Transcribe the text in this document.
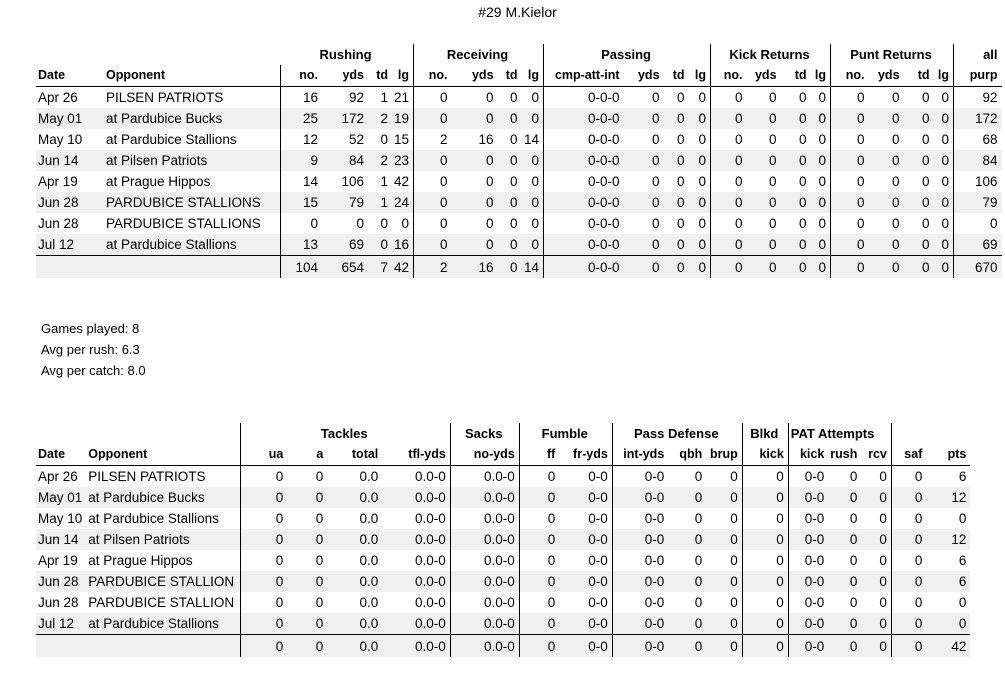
#29 M.Kielor
		Rushing				Receiving				Passing				Kick Returns				Punt Returns				all
Date	Opponent	no.	yds	td	lg	no.	yds	td	lg	cmp-att-int	yds	td	lg	no.	yds	td	lg	no.	yds	td	lg	purp
Apr 26	PILSEN PATRIOTS	16	92	1	21	0	0	0	0	0-0-0	0	0	0	0	0	0	0	0	0	0	0	92
May 01	at Pardubice Bucks	25	172	2	19	0	0	0	0	0-0-0	0	0	0	0	0	0	0	0	0	0	0	172
May 10	at Pardubice Stallions	12	52	0	15	2	16	0	14	0-0-0	0	0	0	0	0	0	0	0	0	0	0	68
Jun 14	at Pilsen Patriots	9	84	2	23	0	0	0	0	0-0-0	0	0	0	0	0	0	0	0	0	0	0	84
Apr 19	at Prague Hippos	14	106	1	42	0	0	0	0	0-0-0	0	0	0	0	0	0	0	0	0	0	0	106
Jun 28	PARDUBICE STALLIONS	15	79	1	24	0	0	0	0	0-0-0	0	0	0	0	0	0	0	0	0	0	0	79
Jun 28	PARDUBICE STALLIONS	0	0	0	0	0	0	0	0	0-0-0	0	0	0	0	0	0	0	0	0	0	0	0
Jul 12	at Pardubice Stallions	13	69	0	16	0	0	0	0	0-0-0	0	0	0	0	0	0	0	0	0	0	0	69
		104	654	7	42	2	16	0	14	0-0-0	0	0	0	0	0	0	0	0	0	0	0	670
Games played: 8
Avg per rush: 6.3
Avg per catch: 8.0
		Tackles				Sacks	Fumble		Pass Defense			Blkd	PAT Attempts				
Date	Opponent	ua	a	total	tfl-yds	no-yds	ff	fr-yds	int-yds	qbh	brup	kick	kick	rush	rcv	saf	pts
Apr 26	PILSEN PATRIOTS	0	0	0.0	0.0-0	0.0-0	0	0-0	0-0	0	0	0	0-0	0	0	0	6
May 01	at Pardubice Bucks	0	0	0.0	0.0-0	0.0-0	0	0-0	0-0	0	0	0	0-0	0	0	0	12
May 10	at Pardubice Stallions	0	0	0.0	0.0-0	0.0-0	0	0-0	0-0	0	0	0	0-0	0	0	0	0
Jun 14	at Pilsen Patriots	0	0	0.0	0.0-0	0.0-0	0	0-0	0-0	0	0	0	0-0	0	0	0	12
Apr 19	at Prague Hippos	0	0	0.0	0.0-0	0.0-0	0	0-0	0-0	0	0	0	0-0	0	0	0	6
Jun 28	PARDUBICE STALLION	0	0	0.0	0.0-0	0.0-0	0	0-0	0-0	0	0	0	0-0	0	0	0	6
Jun 28	PARDUBICE STALLION	0	0	0.0	0.0-0	0.0-0	0	0-0	0-0	0	0	0	0-0	0	0	0	0
Jul 12	at Pardubice Stallions	0	0	0.0	0.0-0	0.0-0	0	0-0	0-0	0	0	0	0-0	0	0	0	0
		0	0	0.0	0.0-0	0.0-0	0	0-0	0-0	0	0	0	0-0	0	0	0	42
